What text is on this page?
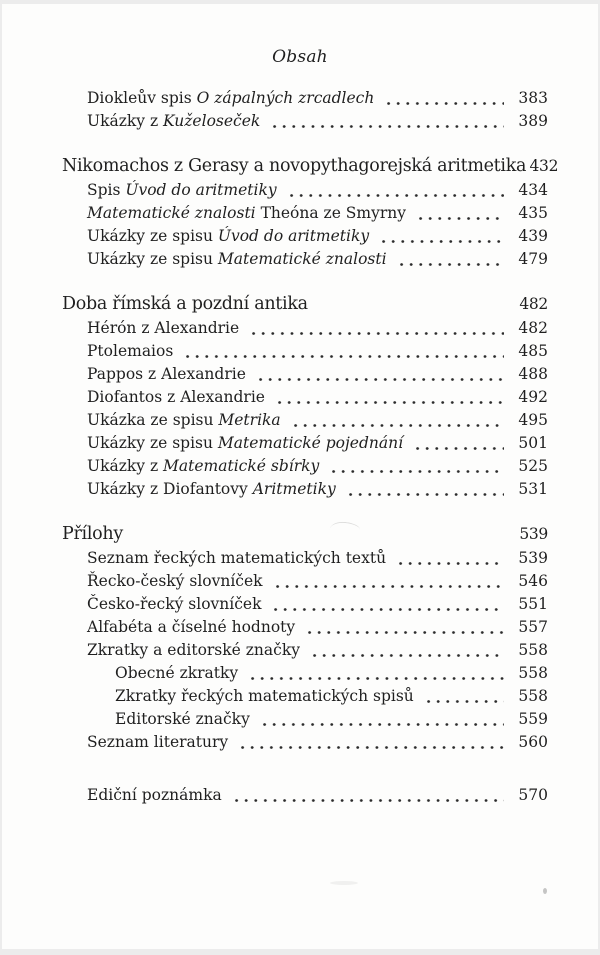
Obsah
Diokleův spis O zápalných zrcadlech	383
Ukázky z Kuželoseček	389
Nikomachos z Gerasy a novopythagorejská aritmetika 432
Spis Úvod do aritmetiky	434
Matematické znalosti Theóna ze Smyrny	435
Ukázky ze spisu Úvod do aritmetiky	439
Ukázky ze spisu Matematické znalosti	479
Doba římská a pozdní antika	482
Hérón z Alexandrie	482
Ptolemaios	485
Pappos z Alexandrie	488
Diofantos z Alexandrie	492
Ukázka ze spisu Metrika	495
Ukázky ze spisu Matematické pojednání	501
Ukázky z Matematické sbírky	525
Ukázky z Diofantovy Aritmetiky	531
Přílohy	539
Seznam řeckých matematických textů	539
Řecko-český slovníček	546
Česko-řecký slovníček	551
Alfabéta a číselné hodnoty	557
Zkratky a editorské značky	558
Obecné zkratky	558
Zkratky řeckých matematických spisů	558
Editorské značky	559
Seznam literatury	560
Ediční poznámka	570
